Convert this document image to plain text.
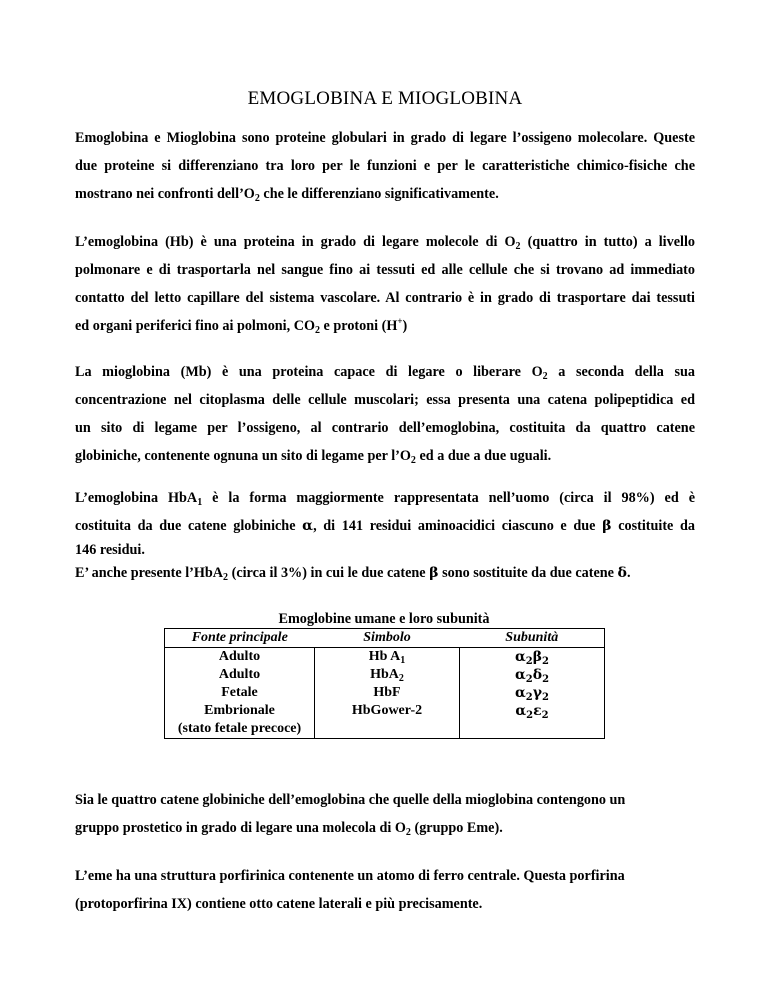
EMOGLOBINA E MIOGLOBINA

Emoglobina e Mioglobina sono proteine globulari in grado di legare l’ossigeno molecolare. Queste
due proteine si differenziano tra loro per le funzioni e per le caratteristiche chimico-fisiche che
mostrano nei confronti $dell’O_2$ che le differenziano significativamente.

L’emoglobina (Hb) è una proteina in grado di legare molecole di $O_2$ (quattro in tutto) a livello
polmonare e di trasportarla nel sangue fino ai tessuti ed alle cellule che si trovano ad immediato
contatto del letto capillare del sistema vascolare. Al contrario è in grado di trasportare dai tessuti
ed organi periferici fino ai polmoni, $CO_2$ e protoni (H+)

La mioglobina (Mb) è una proteina capace di legare o liberare $O_2$ a seconda della sua
concentrazione nel citoplasma delle cellule muscolari; essa presenta una catena polipeptidica ed
un sito di legame per l’ossigeno, al contrario dell’emoglobina, costituita da quattro catene
globiniche, contenente ognuna un sito di legame per $l’O_2$ ed a due a due uguali.

L’emoglobina HbA$_1$ è la forma maggiormente rappresentata nell’uomo (circa il 98%) ed è
costituita da due catene globiniche α, di 141 residui aminoacidici ciascuno e due β costituite da
146 residui.
E’ anche presente l’HbA$_2$ (circa il 3%) in cui le due catene β sono sostituite da due catene δ.

Emoglobine umane e loro subunità
Fonte principale	Simbolo	Subunità
Adulto	Hb $A_1$	$\alpha_2\beta_2$
Adulto	HbA$_2$	$\alpha_2\delta_2$
Fetale	HbF	$\alpha_2\gamma_2$
Embrionale
(stato fetale precoce)	HbGower-2	$\alpha_2\varepsilon_2$

Sia le quattro catene globiniche dell’emoglobina che quelle della mioglobina contengono un
gruppo prostetico in grado di legare una molecola di $O_2$ (gruppo Eme).

L’eme ha una struttura porfirinica contenente un atomo di ferro centrale. Questa porfirina
(protoporfirina IX) contiene otto catene laterali e più precisamente.
